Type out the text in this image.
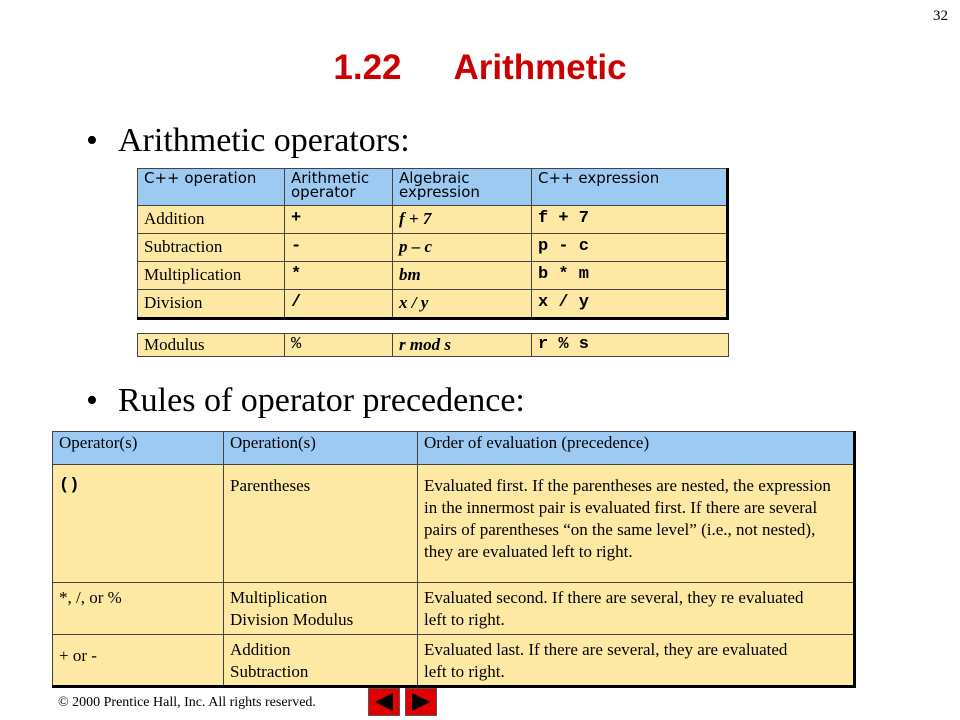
32
1.22 Arithmetic
• Arithmetic operators:
C++ operation	Arithmetic operator	Algebraic expression	C++ expression
Addition	+	f + 7	f + 7
Subtraction	-	p – c	p - c
Multiplication	*	bm	b * m
Division	/	x / y	x / y
Modulus	%	r mod s	r % s
• Rules of operator precedence:
Operator(s)	Operation(s)	Order of evaluation (precedence)
()	Parentheses	Evaluated first. If the parentheses are nested, the expression in the innermost pair is evaluated first. If there are several pairs of parentheses “on the same level” (i.e., not nested), they are evaluated left to right.
*, /, or %	Multiplication Division Modulus	Evaluated second. If there are several, they re evaluated left to right.
+ or -	Addition Subtraction	Evaluated last. If there are several, they are evaluated left to right.
© 2000 Prentice Hall, Inc. All rights reserved.
